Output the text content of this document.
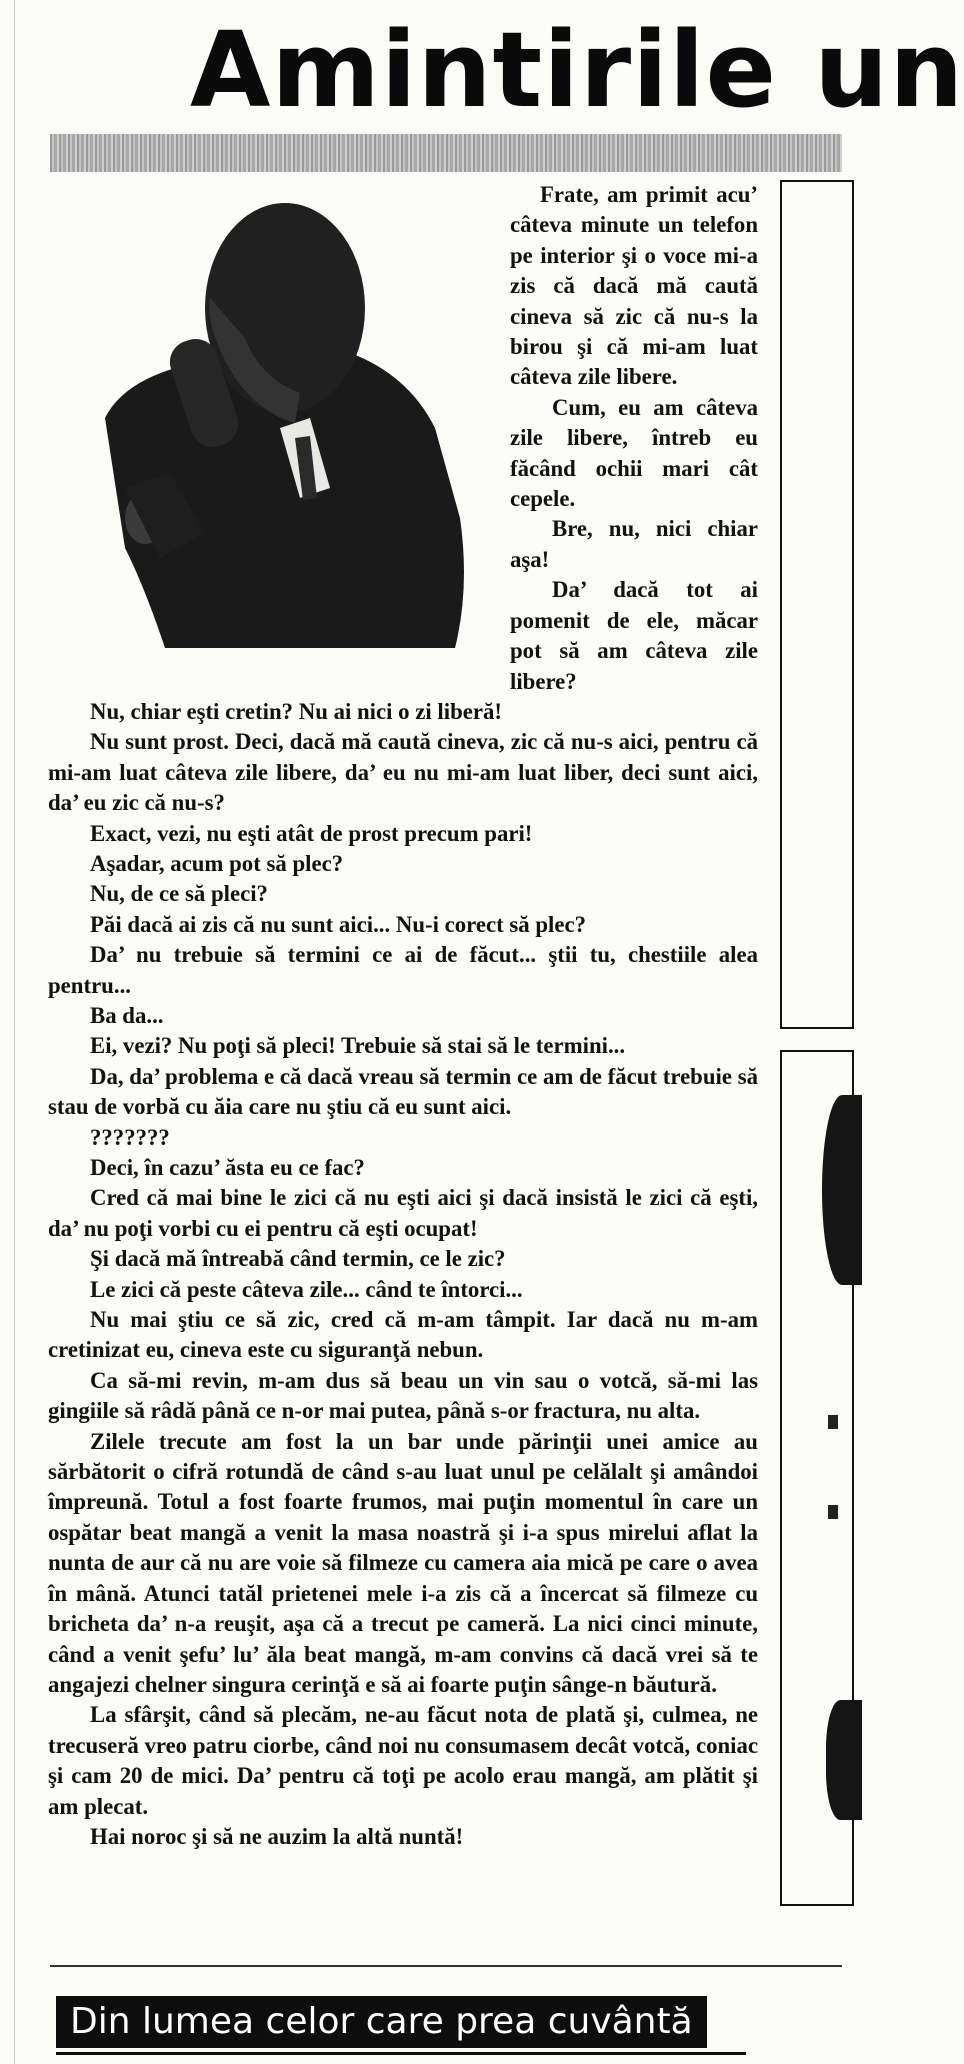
Amintirile un

Frate, am primit acu’ câteva minute un telefon pe interior şi o voce mi-a zis că dacă mă caută cineva să zic că nu-s la birou şi că mi-am luat câteva zile libere.

Cum, eu am câteva zile libere, întreb eu făcând ochii mari cât cepele.

Bre, nu, nici chiar aşa!

Da’ dacă tot ai pomenit de ele, măcar pot să am câteva zile libere?

Nu, chiar eşti cretin? Nu ai nici o zi liberă!

Nu sunt prost. Deci, dacă mă caută cineva, zic că nu-s aici, pentru că mi-am luat câteva zile libere, da’ eu nu mi-am luat liber, deci sunt aici, da’ eu zic că nu-s?

Exact, vezi, nu eşti atât de prost precum pari!

Aşadar, acum pot să plec?

Nu, de ce să pleci?

Păi dacă ai zis că nu sunt aici... Nu-i corect să plec?

Da’ nu trebuie să termini ce ai de făcut... ştii tu, chestiile alea pentru...

Ba da...

Ei, vezi? Nu poţi să pleci! Trebuie să stai să le termini...

Da, da’ problema e că dacă vreau să termin ce am de făcut trebuie să stau de vorbă cu ăia care nu ştiu că eu sunt aici.

???????

Deci, în cazu’ ăsta eu ce fac?

Cred că mai bine le zici că nu eşti aici şi dacă insistă le zici că eşti, da’ nu poţi vorbi cu ei pentru că eşti ocupat!

Şi dacă mă întreabă când termin, ce le zic?

Le zici că peste câteva zile... când te întorci...

Nu mai ştiu ce să zic, cred că m-am tâmpit. Iar dacă nu m-am cretinizat eu, cineva este cu siguranţă nebun.

Ca să-mi revin, m-am dus să beau un vin sau o votcă, să-mi las gingiile să râdă până ce n-or mai putea, până s-or fractura, nu alta.

Zilele trecute am fost la un bar unde părinţii unei amice au sărbătorit o cifră rotundă de când s-au luat unul pe celălalt şi amândoi împreună. Totul a fost foarte frumos, mai puţin momentul în care un ospătar beat mangă a venit la masa noastră şi i-a spus mirelui aflat la nunta de aur că nu are voie să filmeze cu camera aia mică pe care o avea în mână. Atunci tatăl prietenei mele i-a zis că a încercat să filmeze cu bricheta da’ n-a reuşit, aşa că a trecut pe cameră. La nici cinci minute, când a venit şefu’ lu’ ăla beat mangă, m-am convins că dacă vrei să te angajezi chelner singura cerinţă e să ai foarte puţin sânge-n băutură.

La sfârşit, când să plecăm, ne-au făcut nota de plată şi, culmea, ne trecuseră vreo patru ciorbe, când noi nu consumasem decât votcă, coniac şi cam 20 de mici. Da’ pentru că toţi pe acolo erau mangă, am plătit şi am plecat.

Hai noroc şi să ne auzim la altă nuntă!

Din lumea celor care prea cuvântă
